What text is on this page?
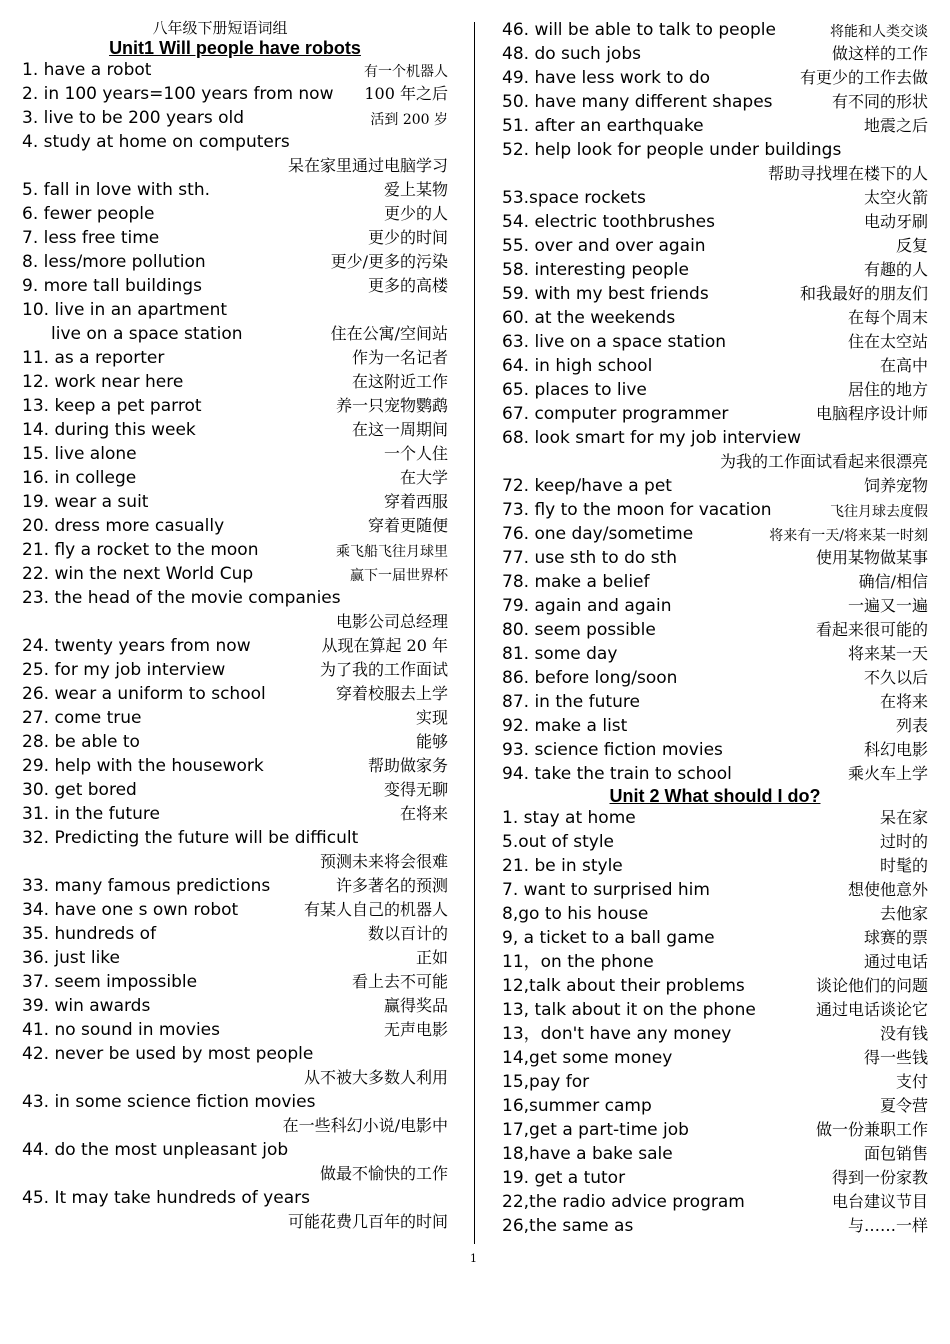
八年级下册短语词组
Unit1 Will people have robots
1. have a robot	有一个机器人
2. in 100 years=100 years from now 100 年之后
3. live to be 200 years old	活到 200 岁
4. study at home on computers
呆在家里通过电脑学习
5. fall in love with sth.	爱上某物
6. fewer people	更少的人
7. less free time	更少的时间
8. less/more pollution	更少/更多的污染
9. more tall buildings	更多的高楼
10. live in an apartment
live on a space station	住在公寓/空间站
11. as a reporter	作为一名记者
12. work near here	在这附近工作
13. keep a pet parrot	养一只宠物鹦鹉
14. during this week	在这一周期间
15. live alone	一个人住
16. in college	在大学
19. wear a suit	穿着西服
20. dress more casually	穿着更随便
21. fly a rocket to the moon	乘飞船飞往月球里
22. win the next World Cup	赢下一届世界杯
23. the head of the movie companies
电影公司总经理
24. twenty years from now	从现在算起 20 年
25. for my job interview	为了我的工作面试
26. wear a uniform to school	穿着校服去上学
27. come true	实现
28. be able to	能够
29. help with the housework	帮助做家务
30. get bored	变得无聊
31. in the future	在将来
32. Predicting the future will be difficult
预测未来将会很难
33. many famous predictions	许多著名的预测
34. have one s own robot	有某人自己的机器人
35. hundreds of	数以百计的
36. just like	正如
37. seem impossible	看上去不可能
39. win awards	赢得奖品
41. no sound in movies	无声电影
42. never be used by most people
从不被大多数人利用
43. in some science fiction movies
在一些科幻小说/电影中
44. do the most unpleasant job
做最不愉快的工作
45. It may take hundreds of years
可能花费几百年的时间
46. will be able to talk to people	将能和人类交谈
48. do such jobs	做这样的工作
49. have less work to do	有更少的工作去做
50. have many different shapes	有不同的形状
51. after an earthquake	地震之后
52. help look for people under buildings
帮助寻找埋在楼下的人
53.space rockets	太空火箭
54. electric toothbrushes	电动牙刷
55. over and over again	反复
58. interesting people	有趣的人
59. with my best friends	和我最好的朋友们
60. at the weekends	在每个周末
63. live on a space station	住在太空站
64. in high school	在高中
65. places to live	居住的地方
67. computer programmer	电脑程序设计师
68. look smart for my job interview
为我的工作面试看起来很漂亮
72. keep/have a pet	饲养宠物
73. fly to the moon for vacation	飞往月球去度假
76. one day/sometime	将来有一天/将来某一时刻
77. use sth to do sth	使用某物做某事
78. make a belief	确信/相信
79. again and again	一遍又一遍
80. seem possible	看起来很可能的
81. some day	将来某一天
86. before long/soon	不久以后
87. in the future	在将来
92. make a list	列表
93. science fiction movies	科幻电影
94. take the train to school	乘火车上学
Unit 2 What should I do?
1. stay at home	呆在家
5.out of style	过时的
21. be in style	时髦的
7. want to surprised him	想使他意外
8,go to his house	去他家
9, a ticket to a ball game	球赛的票
11，on the phone	通过电话
12,talk about their problems	谈论他们的问题
13, talk about it on the phone	通过电话谈论它
13，don't have any money	没有钱
14,get some money	得一些钱
15,pay for	支付
16,summer camp	夏令营
17,get a part-time job	做一份兼职工作
18,have a bake sale	面包销售
19. get a tutor	得到一份家教
22,the radio advice program	电台建议节目
26,the same as	与……一样
1
